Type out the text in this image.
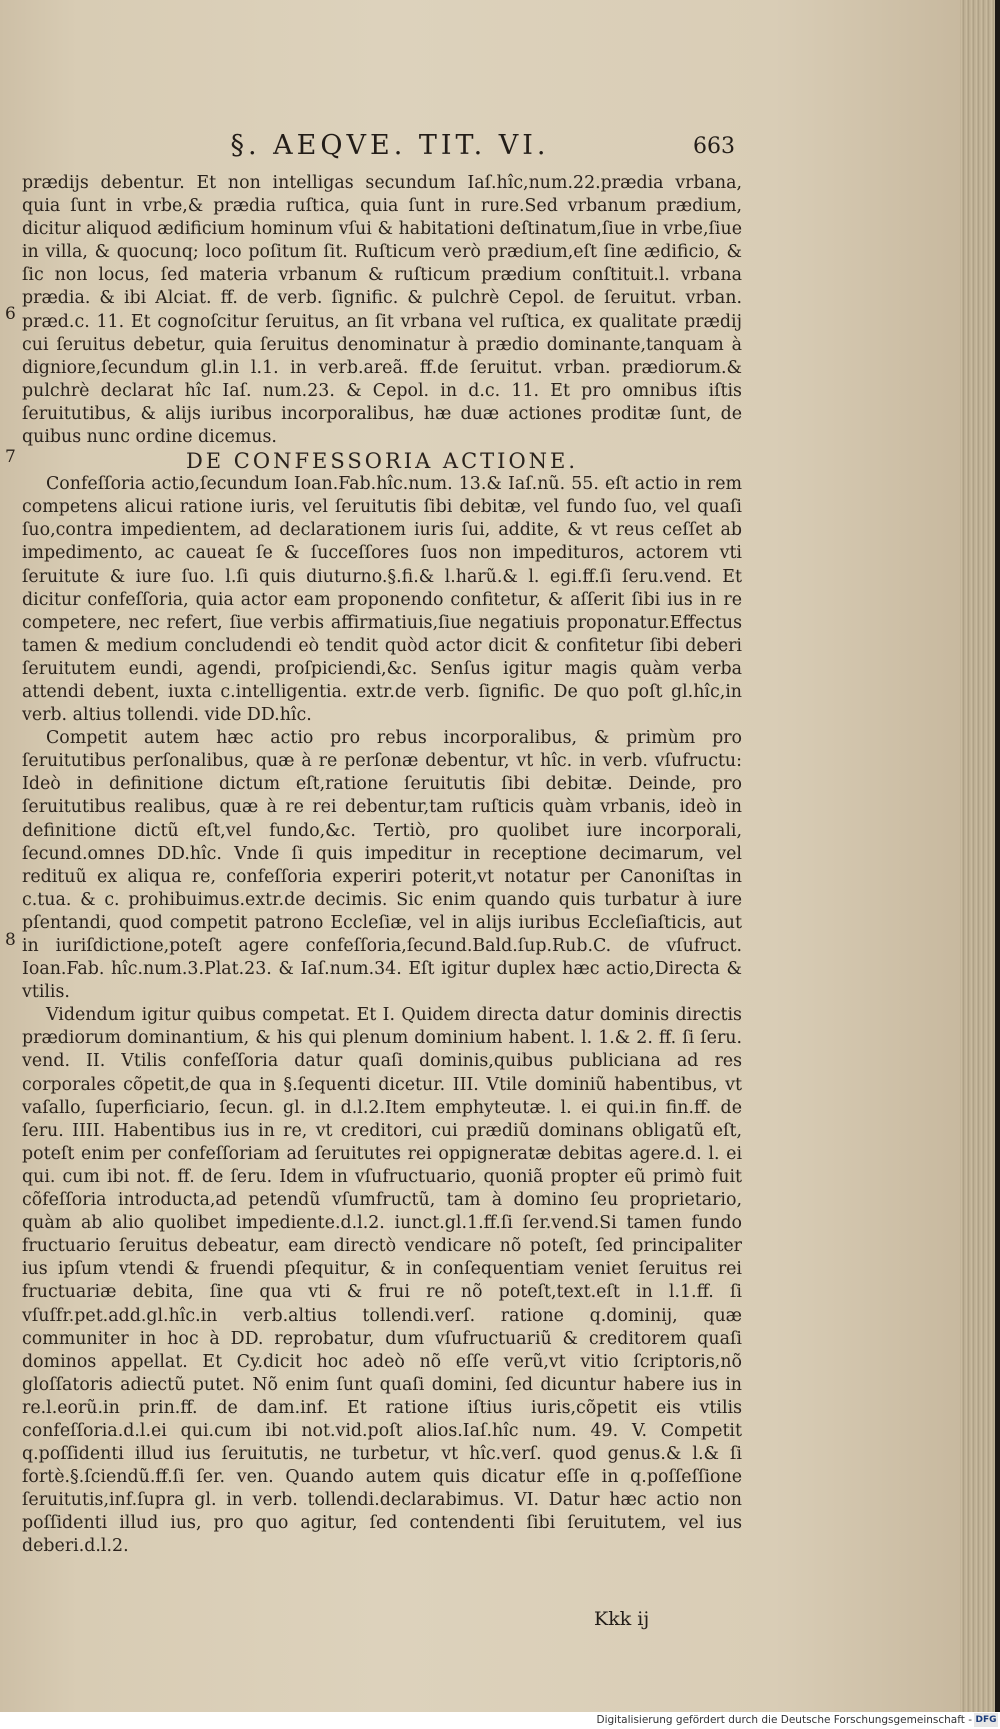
§. AEQVE. TIT. VI.	663
6
7
8

prædijs debentur. Et non intelligas secundum Iaſ.hîc,num.22.prædia vrbana, quia ſunt in vrbe,& prædia ruſtica, quia ſunt in rure.Sed vrbanum prædium, dicitur aliquod ædificium hominum vſui & habitationi deſtinatum,ſiue in vrbe,ſiue in villa, & quocunq; loco poſitum ſit. Ruſticum verò prædium,eſt ſine ædificio, & ſic non locus, ſed materia vrbanum & ruſticum prædium conſtituit.l. vrbana prædia. & ibi Alciat. ff. de verb. ſignific. & pulchrè Cepol. de ſeruitut. vrban. præd.c. 11. Et cognoſcitur ſeruitus, an ſit vrbana vel ruſtica, ex qualitate prædij cui ſeruitus debetur, quia ſeruitus denominatur à prædio dominante,tanquam à digniore,ſecundum gl.in l.1. in verb.areã. ff.de ſeruitut. vrban. prædiorum.& pulchrè declarat hîc Iaſ. num.23. & Cepol. in d.c. 11. Et pro omnibus iſtis ſeruitutibus, & alijs iuribus incorporalibus, hæ duæ actiones proditæ ſunt, de quibus nunc ordine dicemus.

DE CONFESSORIA ACTIONE.

Confeſſoria actio,ſecundum Ioan.Fab.hîc.num. 13.& Iaſ.nũ. 55. eſt actio in rem competens alicui ratione iuris, vel ſeruitutis ſibi debitæ, vel fundo ſuo, vel quaſi ſuo,contra impedientem, ad declarationem iuris ſui, addite, & vt reus ceſſet ab impedimento, ac caueat ſe & ſucceſſores ſuos non impedituros, actorem vti ſeruitute & iure ſuo. l.ſi quis diuturno.§.fi.& l.harũ.& l. egi.ff.ſi ſeru.vend. Et dicitur confeſſoria, quia actor eam proponendo confitetur, & aſſerit ſibi ius in re competere, nec refert, ſiue verbis affirmatiuis,ſiue negatiuis proponatur.Effectus tamen & medium concludendi eò tendit quòd actor dicit & confitetur ſibi deberi ſeruitutem eundi, agendi, proſpiciendi,&c. Senſus igitur magis quàm verba attendi debent, iuxta c.intelligentia. extr.de verb. ſignific. De quo poſt gl.hîc,in verb. altius tollendi. vide DD.hîc.

Competit autem hæc actio pro rebus incorporalibus, & primùm pro ſeruitutibus perſonalibus, quæ à re perſonæ debentur, vt hîc. in verb. vſufructu: Ideò in definitione dictum eſt,ratione ſeruitutis ſibi debitæ. Deinde, pro ſeruitutibus realibus, quæ à re rei debentur,tam ruſticis quàm vrbanis, ideò in definitione dictũ eſt,vel fundo,&c. Tertiò, pro quolibet iure incorporali, ſecund.omnes DD.hîc. Vnde ſi quis impeditur in receptione decimarum, vel redituũ ex aliqua re, confeſſoria experiri poterit,vt notatur per Canoniſtas in c.tua. & c. prohibuimus.extr.de decimis. Sic enim quando quis turbatur à iure pſentandi, quod competit patrono Eccleſiæ, vel in alijs iuribus Eccleſiaſticis, aut in iuriſdictione,poteſt agere confeſſoria,ſecund.Bald.ſup.Rub.C. de vſufruct. Ioan.Fab. hîc.num.3.Plat.23. & Iaſ.num.34. Eſt igitur duplex hæc actio,Directa & vtilis.

Videndum igitur quibus competat. Et I. Quidem directa datur dominis directis prædiorum dominantium, & his qui plenum dominium habent. l. 1.& 2. ff. ſi ſeru. vend. II. Vtilis confeſſoria datur quaſi dominis,quibus publiciana ad res corporales cõpetit,de qua in §.ſequenti dicetur. III. Vtile dominiũ habentibus, vt vaſallo, ſuperficiario, ſecun. gl. in d.l.2.Item emphyteutæ. l. ei qui.in fin.ff. de ſeru. IIII. Habentibus ius in re, vt creditori, cui prædiũ dominans obligatũ eſt, poteſt enim per confeſſoriam ad ſeruitutes rei oppigneratæ debitas agere.d. l. ei qui. cum ibi not. ff. de ſeru. Idem in vſufructuario, quoniã propter eũ primò fuit cõfeſſoria introducta,ad petendũ vſumfructũ, tam à domino ſeu proprietario, quàm ab alio quolibet impediente.d.l.2. iunct.gl.1.ff.ſi ſer.vend.Si tamen fundo fructuario ſeruitus debeatur, eam directò vendicare nõ poteſt, ſed principaliter ius ipſum vtendi & fruendi pſequitur, & in conſequentiam veniet ſeruitus rei fructuariæ debita, ſine qua vti & frui re nõ poteſt,text.eſt in l.1.ff. ſi vſuſfr.pet.add.gl.hîc.in verb.altius tollendi.verſ. ratione q.dominij, quæ communiter in hoc à DD. reprobatur, dum vſufructuariũ & creditorem quaſi dominos appellat. Et Cy.dicit hoc adeò nõ eſſe verũ,vt vitio ſcriptoris,nõ gloſſatoris adiectũ putet. Nõ enim ſunt quaſi domini, ſed dicuntur habere ius in re.l.eorũ.in prin.ff. de dam.inf. Et ratione iſtius iuris,cõpetit eis vtilis confeſſoria.d.l.ei qui.cum ibi not.vid.poſt alios.Iaſ.hîc num. 49. V. Competit q.poſſidenti illud ius ſeruitutis, ne turbetur, vt hîc.verſ. quod genus.& l.& ſi fortè.§.ſciendũ.ff.ſi ſer. ven. Quando autem quis dicatur eſſe in q.poſſeſſione ſeruitutis,inf.ſupra gl. in verb. tollendi.declarabimus. VI. Datur hæc actio non poſſidenti illud ius, pro quo agitur, ſed contendenti ſibi ſeruitutem, vel ius deberi.d.l.2.

Kkk ij
Digitalisierung gefördert durch die Deutsche Forschungsgemeinschaft - DFG
